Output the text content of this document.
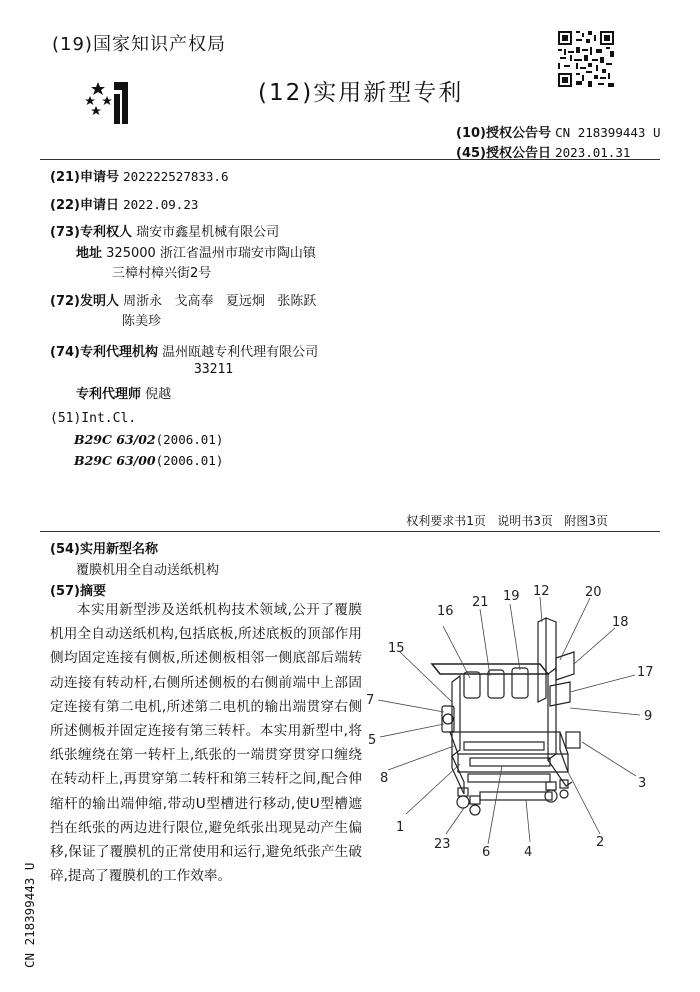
(19)国家知识产权局
(12)实用新型专利
(10)授权公告号 CN 218399443 U
(45)授权公告日 2023.01.31
(21)申请号 202222527833.6
(22)申请日 2022.09.23
(73)专利权人 瑞安市鑫星机械有限公司
地址 325000 浙江省温州市瑞安市陶山镇
三樟村樟兴街2号
(72)发明人 周浙永   戈高奉   夏远炯   张陈跃
陈美珍
(74)专利代理机构 温州瓯越专利代理有限公司
33211
专利代理师 倪越
(51)Int.Cl.
B29C 63/02(2006.01)
B29C 63/00(2006.01)
权利要求书1页   说明书3页   附图3页
(54)实用新型名称
覆膜机用全自动送纸机构
(57)摘要

本实用新型涉及送纸机构技术领域,公开了覆膜机用全自动送纸机构,包括底板,所述底板的顶部作用侧均固定连接有侧板,所述侧板相邻一侧底部后端转动连接有转动杆,右侧所述侧板的右侧前端中上部固定连接有第二电机,所述第二电机的输出端贯穿右侧所述侧板并固定连接有第三转杆。本实用新型中,将纸张缠绕在第一转杆上,纸张的一端贯穿贯穿口缠绕在转动杆上,再贯穿第二转杆和第三转杆之间,配合伸缩杆的输出端伸缩,带动U型槽进行移动,使U型槽遮挡在纸张的两边进行限位,避免纸张出现晃动产生偏移,保证了覆膜机的正常使用和运行,避免纸张产生破碎,提高了覆膜机的工作效率。

CN 218399443 U
16
21 19 12	20
18
17
9
15
7
5
8
1
23
6	4
2
3
